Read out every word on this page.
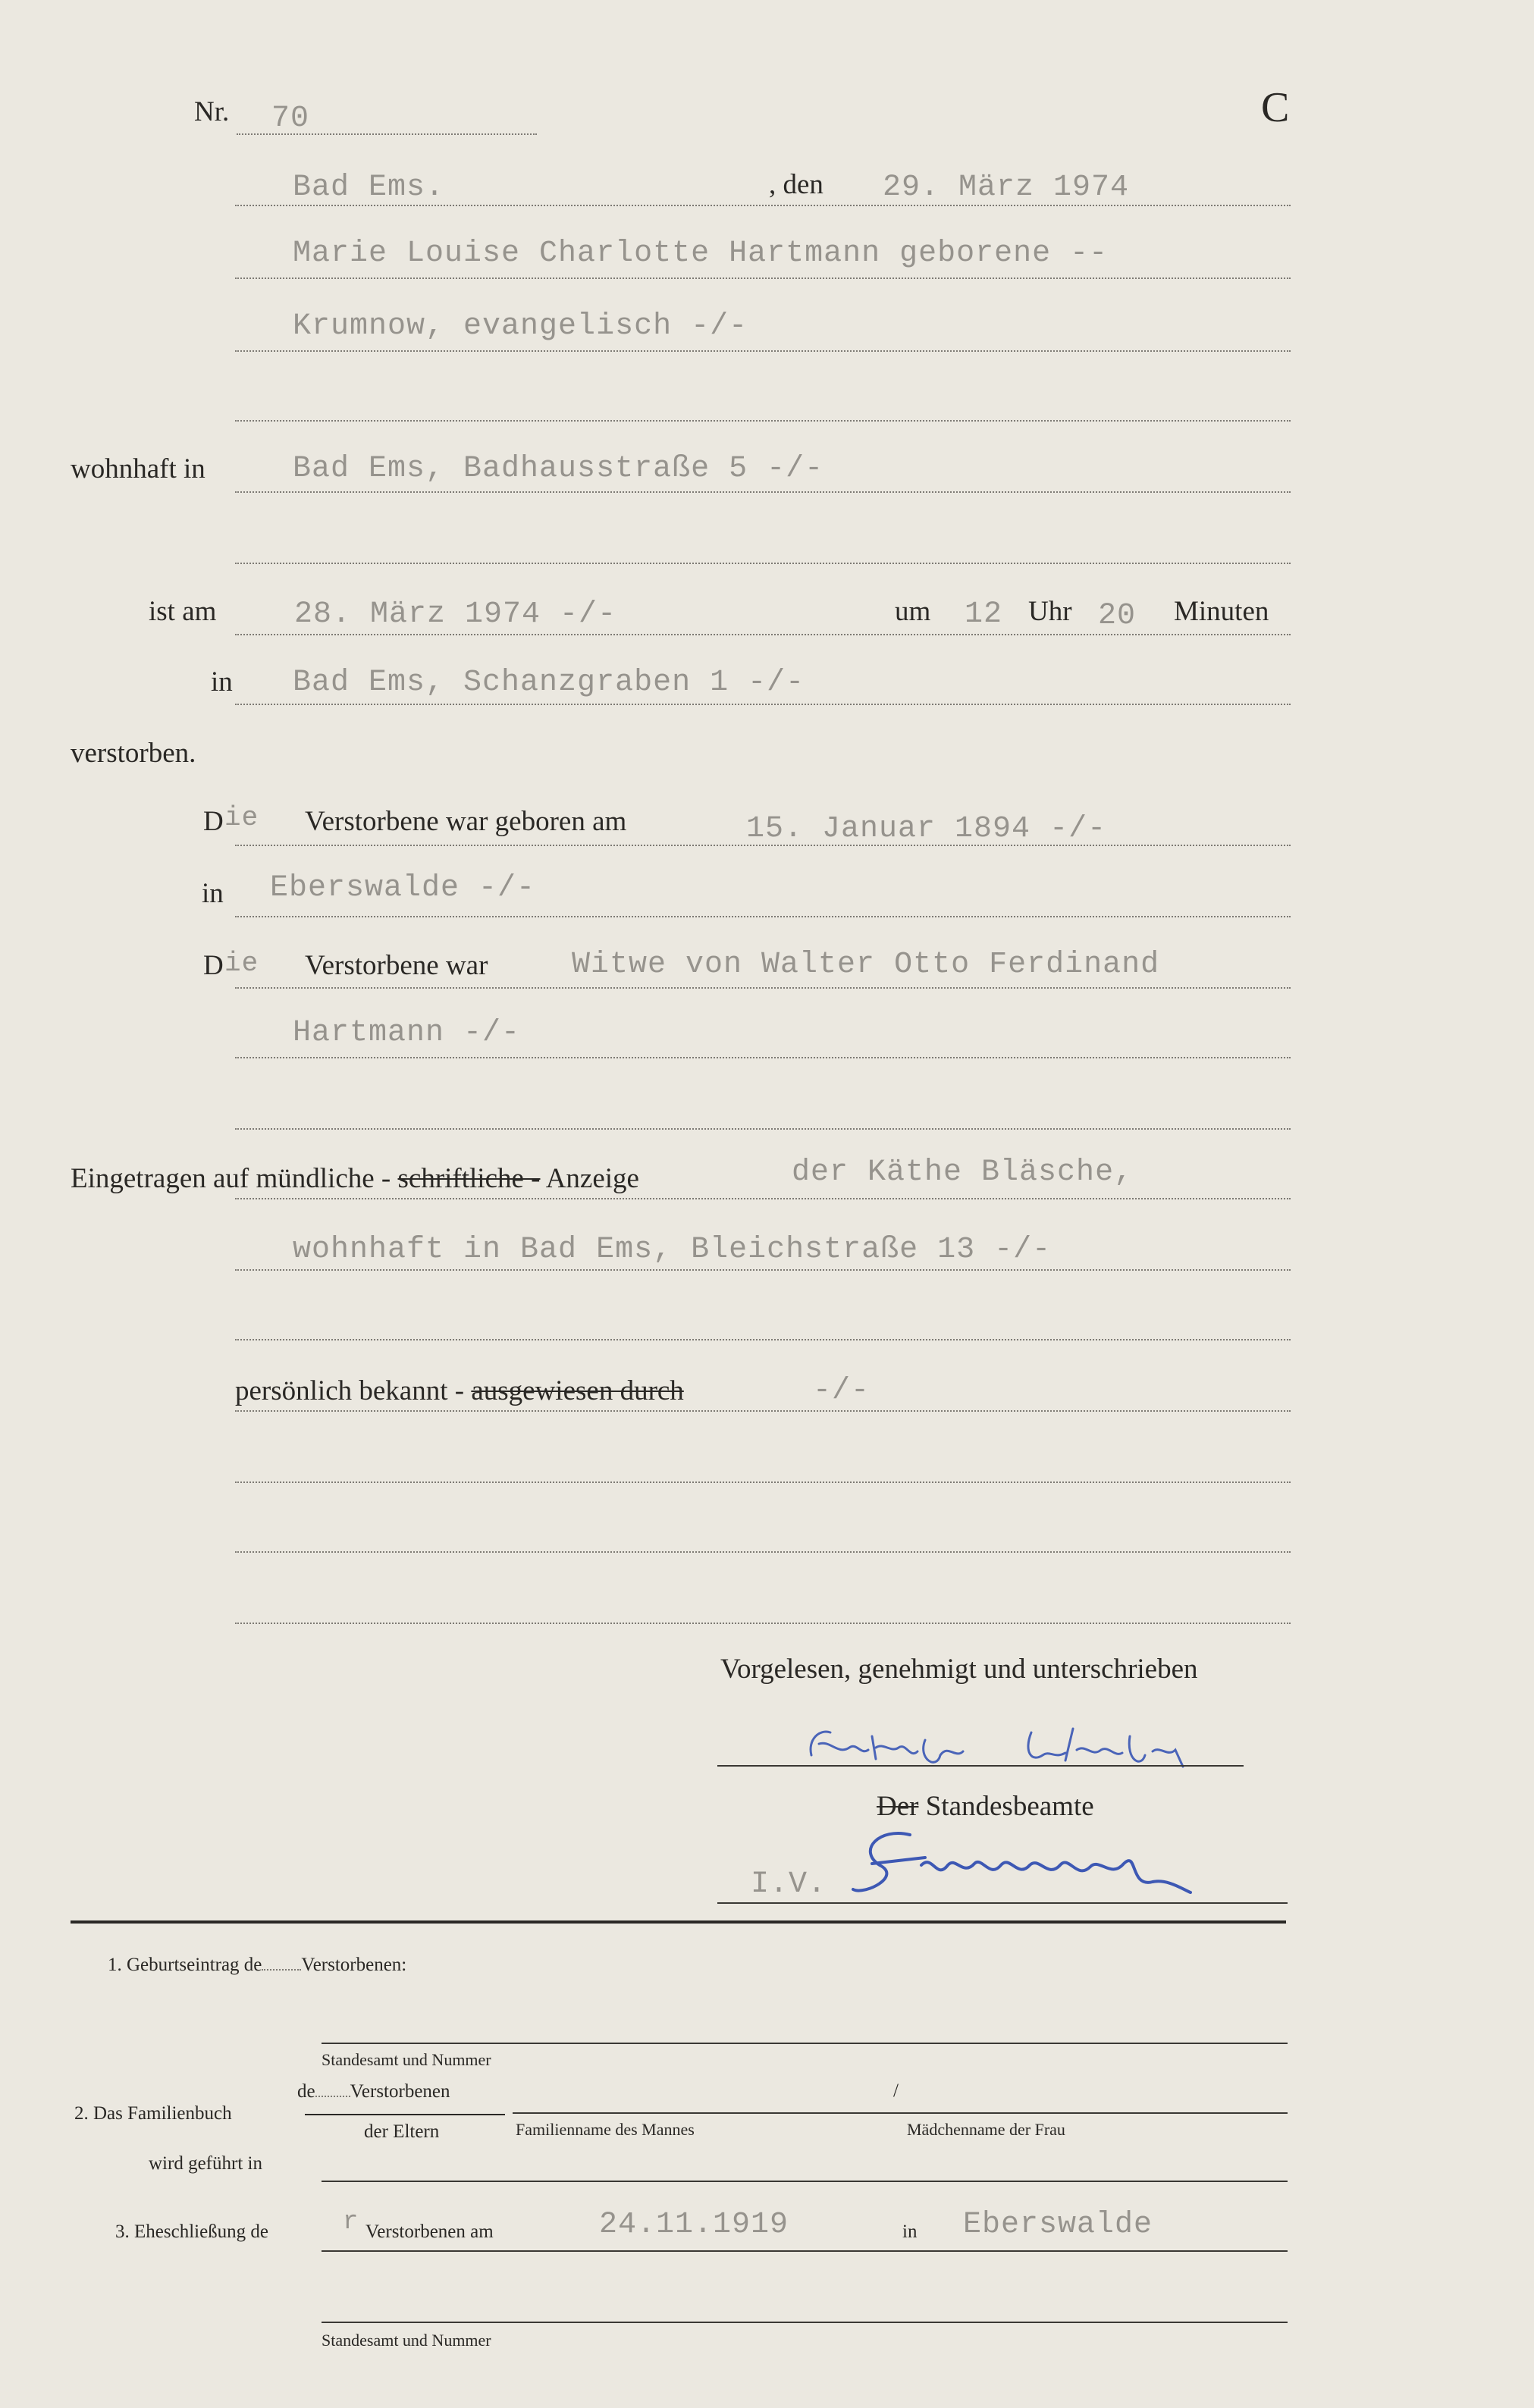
Nr. 70	C
Bad Ems.	, den 29. März 1974
Marie Louise Charlotte Hartmann geborene --
Krumnow, evangelisch -/-
wohnhaft in	Bad Ems, Badhausstraße 5 -/-
ist am	28. März 1974 -/-	um 12 Uhr 20 Minuten
in Bad Ems, Schanzgraben 1 -/-
verstorben.
D ie Verstorbene war geboren am	15. Januar 1894 -/-
in Eberswalde -/-
D ie Verstorbene war	Witwe von Walter Otto Ferdinand
Hartmann -/-
Eingetragen auf mündliche - schriftliche - Anzeige	der Käthe Bläsche,
wohnhaft in Bad Ems, Bleichstraße 13 -/-
persönlich bekannt - ausgewiesen durch	-/-
Vorgelesen, genehmigt und unterschrieben
Der Standesbeamte
I.V.
1. Geburtseintrag de Verstorbenen:
Standesamt und Nummer
2. Das Familienbuch
de Verstorbenen
der Eltern
/
Familienname des Mannes	Mädchenname der Frau
wird geführt in
3. Eheschließung de	r Verstorbenen am	24.11.1919	in Eberswalde
Standesamt und Nummer
